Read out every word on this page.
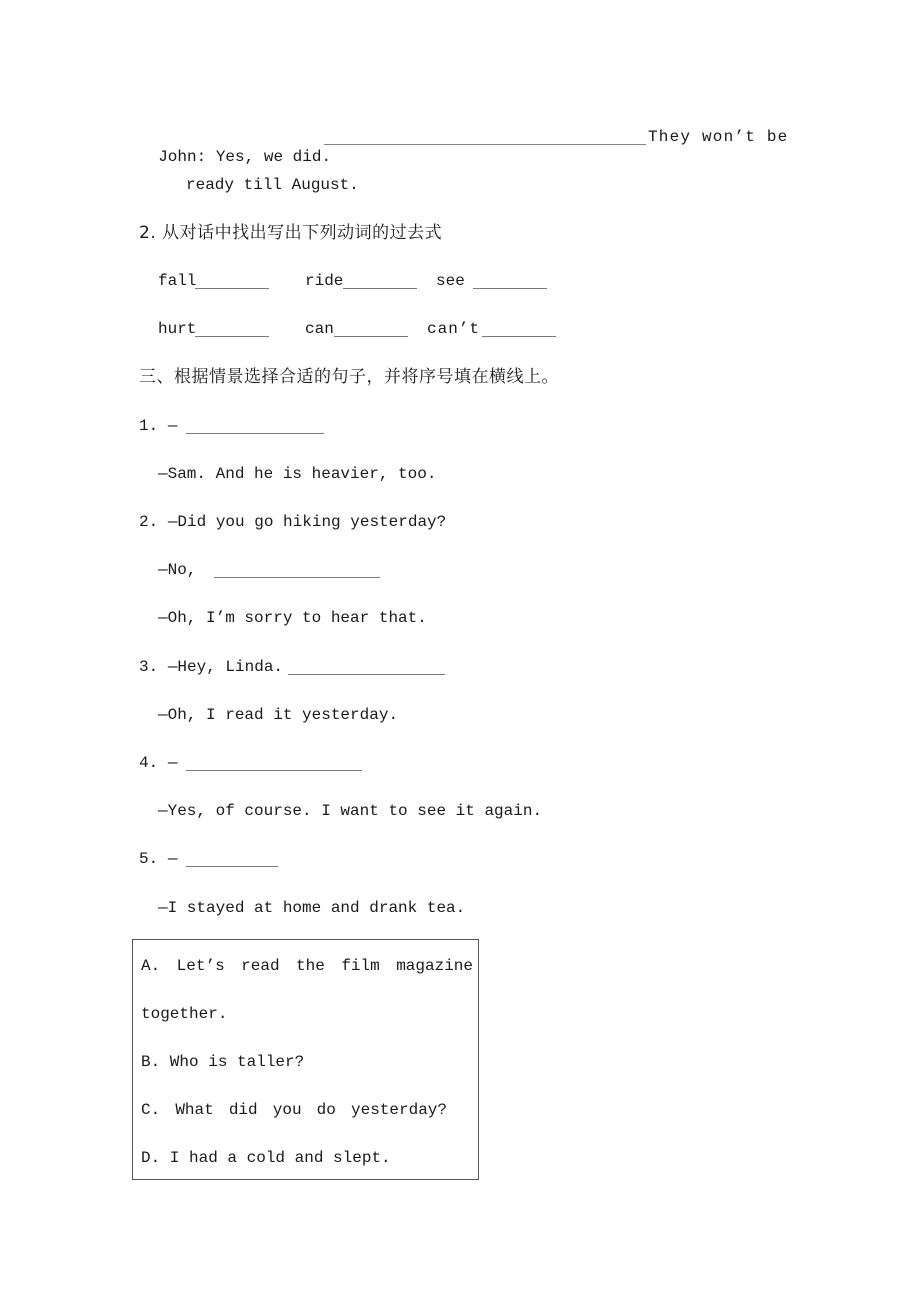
John: Yes, we did.

They won’t be
ready till August.
2. 从对话中找出写出下列动词的过去式
fall	ride	see
hurt	can	can’t
三、根据情景选择合适的句子，并将序号填在横线上。
1. —
—Sam. And he is heavier, too.
2. —Did you go hiking yesterday?
—No,
—Oh, I’m sorry to hear that.
3. —Hey, Linda.
—Oh, I read it yesterday.
4. —
—Yes, of course. I want to see it again.
5. —
—I stayed at home and drank tea.
A. Let’s read the film magazine
together.
B. Who is taller?
C. What did you do yesterday?
D. I had a cold and slept.
